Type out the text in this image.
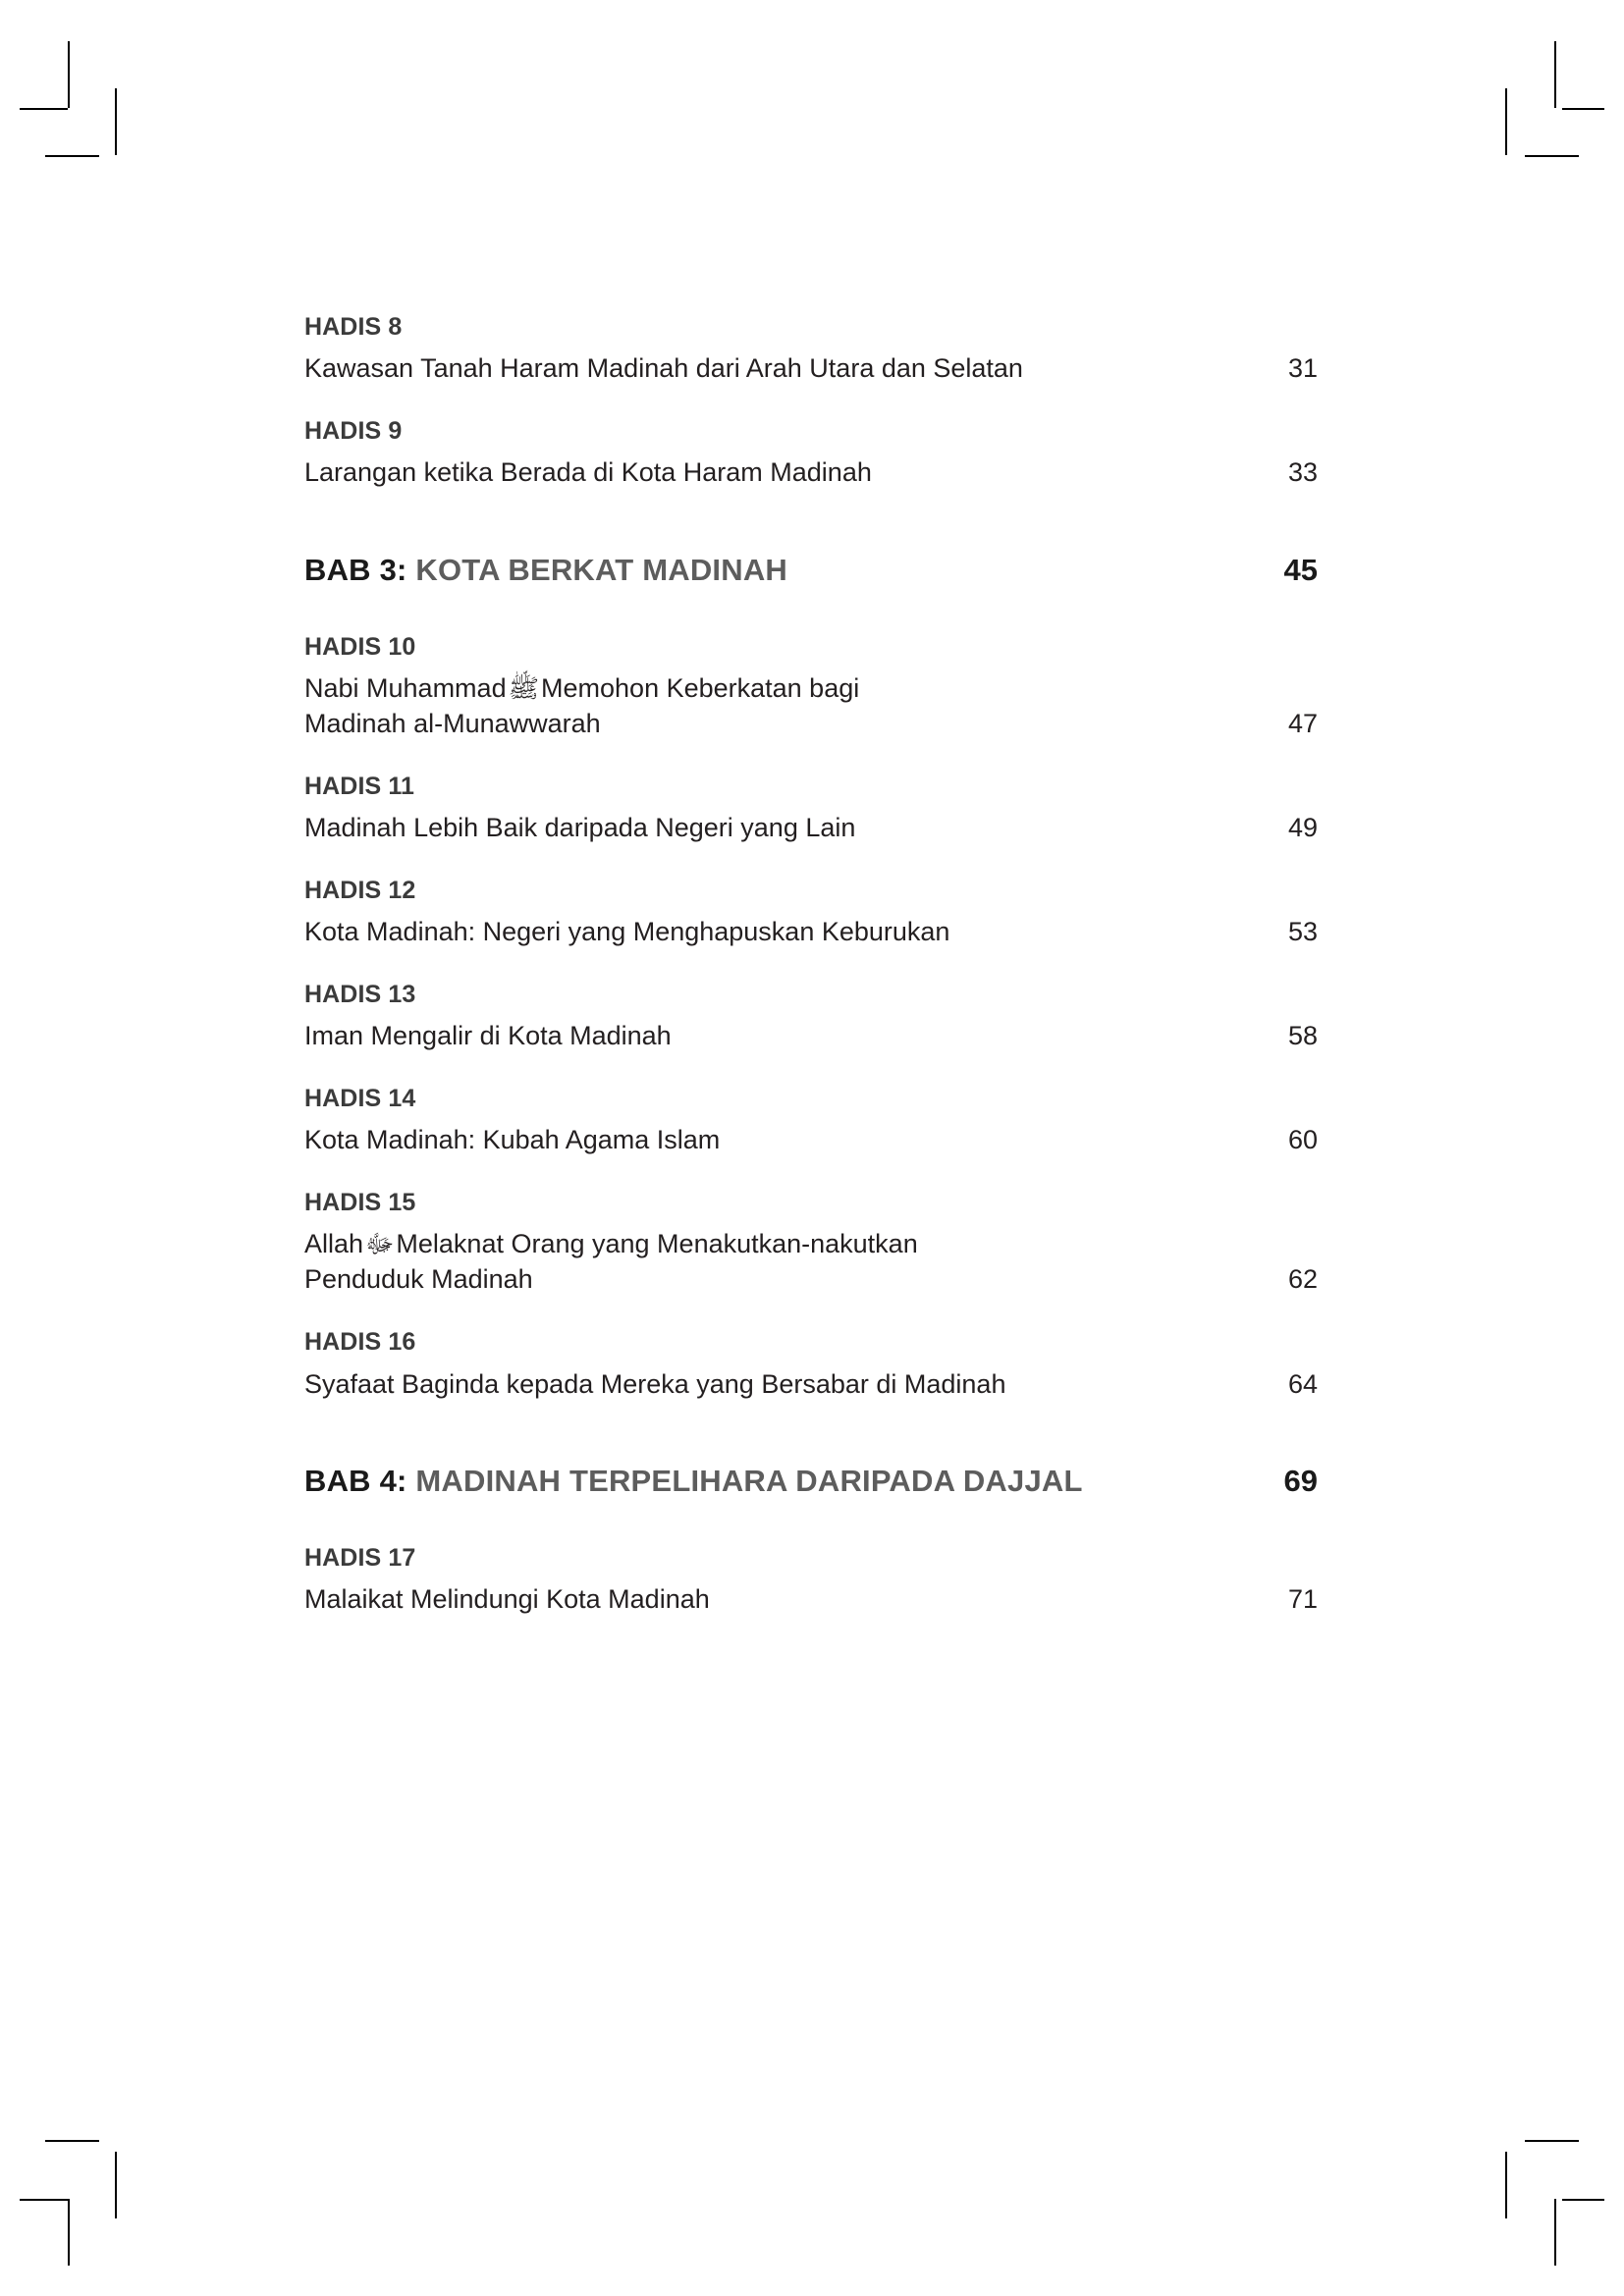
HADIS 8
Kawasan Tanah Haram Madinah dari Arah Utara dan Selatan	31
HADIS 9
Larangan ketika Berada di Kota Haram Madinah	33
BAB 3: KOTA BERKAT MADINAH	45
HADIS 10
Nabi MuhammadﷺMemohon Keberkatan bagi
Madinah al-Munawwarah	47
HADIS 11
Madinah Lebih Baik daripada Negeri yang Lain	49
HADIS 12
Kota Madinah: Negeri yang Menghapuskan Keburukan	53
HADIS 13
Iman Mengalir di Kota Madinah	58
HADIS 14
Kota Madinah: Kubah Agama Islam	60
HADIS 15
AllahﷻMelaknat Orang yang Menakutkan-nakutkan
Penduduk Madinah	62
HADIS 16
Syafaat Baginda kepada Mereka yang Bersabar di Madinah	64
BAB 4: MADINAH TERPELIHARA DARIPADA DAJJAL	69
HADIS 17
Malaikat Melindungi Kota Madinah	71
